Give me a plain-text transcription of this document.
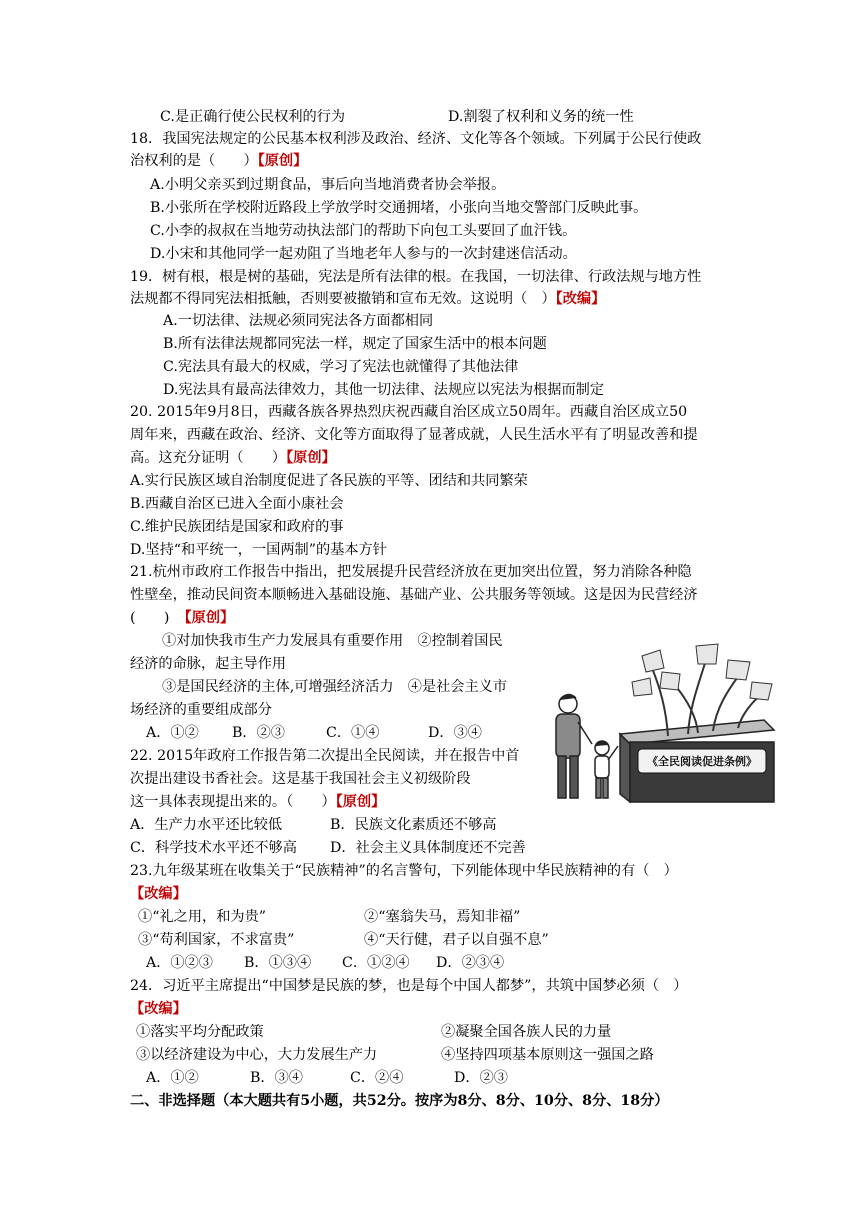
C.是正确行使公民权利的行为	D.割裂了权利和义务的统一性
18．我国宪法规定的公民基本权利涉及政治、经济、文化等各个领域。下列属于公民行使政
治权利的是（　　）【原创】
A.小明父亲买到过期食品，事后向当地消费者协会举报。
B.小张所在学校附近路段上学放学时交通拥堵，小张向当地交警部门反映此事。
C.小李的叔叔在当地劳动执法部门的帮助下向包工头要回了血汗钱。
D.小宋和其他同学一起劝阻了当地老年人参与的一次封建迷信活动。
19．树有根，根是树的基础，宪法是所有法律的根。在我国，一切法律、行政法规与地方性
法规都不得同宪法相抵触，否则要被撤销和宣布无效。这说明（　）【改编】
A.一切法律、法规必须同宪法各方面都相同
B.所有法律法规都同宪法一样，规定了国家生活中的根本问题
C.宪法具有最大的权威，学习了宪法也就懂得了其他法律
D.宪法具有最高法律效力，其他一切法律、法规应以宪法为根据而制定
20. 2015年9月8日，西藏各族各界热烈庆祝西藏自治区成立50周年。西藏自治区成立50
周年来，西藏在政治、经济、文化等方面取得了显著成就，人民生活水平有了明显改善和提
高。这充分证明（　　）【原创】
A.实行民族区域自治制度促进了各民族的平等、团结和共同繁荣
B.西藏自治区已进入全面小康社会
C.维护民族团结是国家和政府的事
D.坚持“和平统一，一国两制”的基本方针
21.杭州市政府工作报告中指出，把发展提升民营经济放在更加突出位置，努力消除各种隐
性壁垒，推动民间资本顺畅进入基础设施、基础产业、公共服务等领域。这是因为民营经济
(　　) 【原创】
①对加快我市生产力发展具有重要作用　②控制着国民
经济的命脉，起主导作用
③是国民经济的主体,可增强经济活力　④是社会主义市
场经济的重要组成部分
A．①② B．②③	C．①④	D．③④
22. 2015年政府工作报告第二次提出全民阅读，并在报告中首
次提出建设书香社会。这是基于我国社会主义初级阶段
这一具体表现提出来的。（　　）【原创】
A．生产力水平还比较低	B．民族文化素质还不够高
C．科学技术水平还不够高 D．社会主义具体制度还不完善
23.九年级某班在收集关于“民族精神”的名言警句，下列能体现中华民族精神的有（　）
【改编】
①“礼之用，和为贵”	②“塞翁失马，焉知非福”
③“苟利国家，不求富贵”	④“天行健，君子以自强不息”
A．①②③ B．①③④ C．①②④ D．②③④
24．习近平主席提出“中国梦是民族的梦，也是每个中国人都梦”，共筑中国梦必须（　）
【改编】
①落实平均分配政策	②凝聚全国各族人民的力量
③以经济建设为中心，大力发展生产力	④坚持四项基本原则这一强国之路
A．①②	B．③④	C．②④	D．②③
二、非选择题（本大题共有5小题，共52分。按序为8分、8分、10分、8分、18分）
《全民阅读促进条例》
